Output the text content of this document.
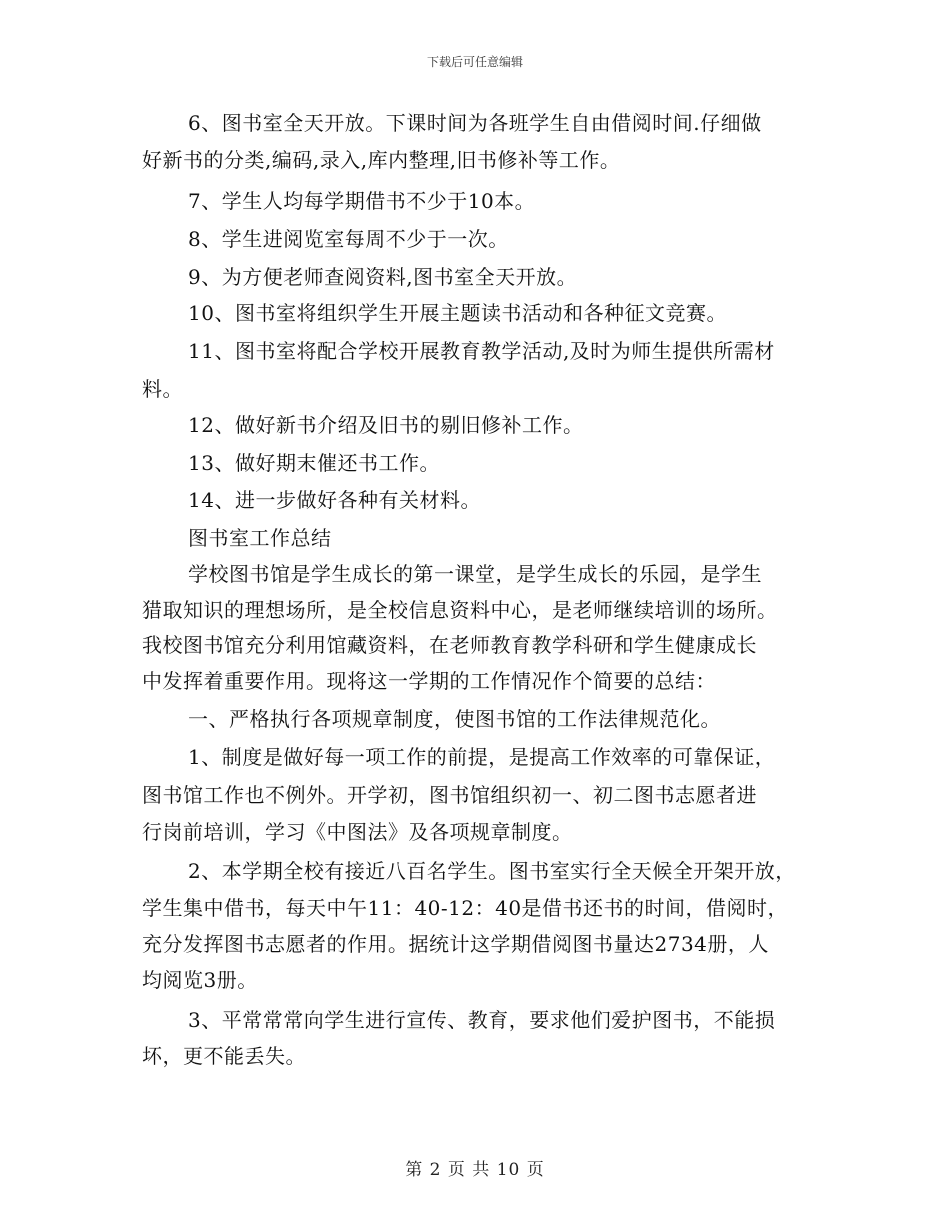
下载后可任意编辑
6、图书室全天开放。下课时间为各班学生自由借阅时间.仔细做
好新书的分类,编码,录入,库内整理,旧书修补等工作。
7、学生人均每学期借书不少于10本。
8、学生进阅览室每周不少于一次。
9、为方便老师查阅资料,图书室全天开放。
10、图书室将组织学生开展主题读书活动和各种征文竞赛。
11、图书室将配合学校开展教育教学活动,及时为师生提供所需材
料。
12、做好新书介绍及旧书的剔旧修补工作。
13、做好期末催还书工作。
14、进一步做好各种有关材料。
图书室工作总结
学校图书馆是学生成长的第一课堂，是学生成长的乐园，是学生
猎取知识的理想场所，是全校信息资料中心，是老师继续培训的场所。
我校图书馆充分利用馆藏资料，在老师教育教学科研和学生健康成长
中发挥着重要作用。现将这一学期的工作情况作个简要的总结：
一、严格执行各项规章制度，使图书馆的工作法律规范化。
1、制度是做好每一项工作的前提，是提高工作效率的可靠保证，
图书馆工作也不例外。开学初，图书馆组织初一、初二图书志愿者进
行岗前培训，学习《中图法》及各项规章制度。
2、本学期全校有接近八百名学生。图书室实行全天候全开架开放，
学生集中借书，每天中午11：40-12：40是借书还书的时间，借阅时，
充分发挥图书志愿者的作用。据统计这学期借阅图书量达2734册，人
均阅览3册。
3、平常常常向学生进行宣传、教育，要求他们爱护图书，不能损
坏，更不能丢失。
第 2 页 共 10 页
